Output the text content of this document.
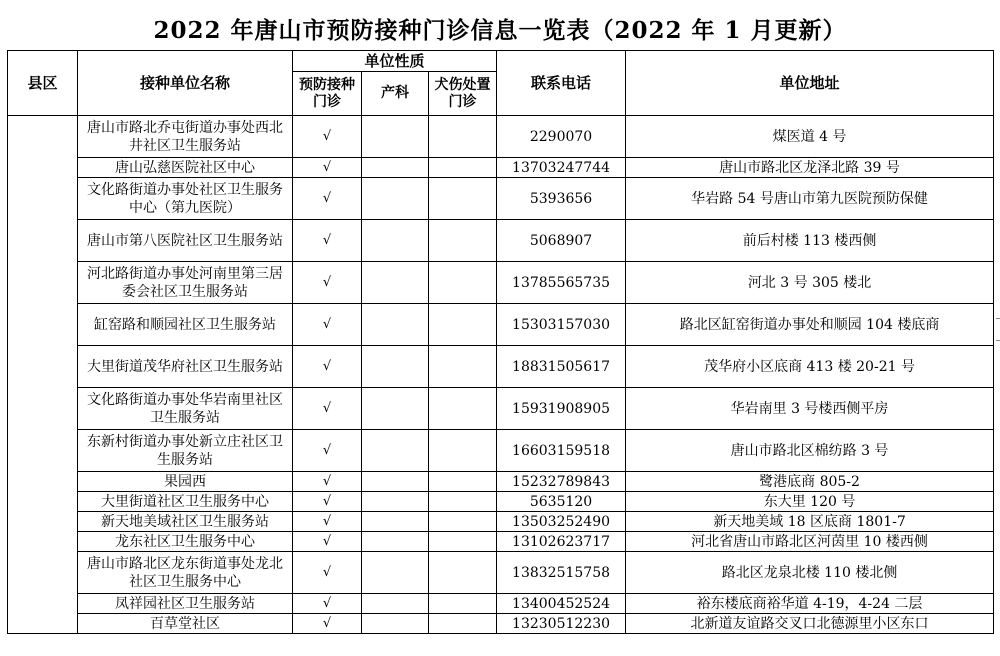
2022 年唐山市预防接种门诊信息一览表（2022 年 1 月更新）
县区	接种单位名称	单位性质			联系电话	单位地址
		预防接种门诊	产科	犬伤处置门诊		
	唐山市路北乔屯街道办事处西北井社区卫生服务站	√			2290070	煤医道 4 号
	唐山弘慈医院社区中心	√			13703247744	唐山市路北区龙泽北路 39 号
	文化路街道办事处社区卫生服务中心（第九医院）	√			5393656	华岩路 54 号唐山市第九医院预防保健
	唐山市第八医院社区卫生服务站	√			5068907	前后村楼 113 楼西侧
	河北路街道办事处河南里第三居委会社区卫生服务站	√			13785565735	河北 3 号 305 楼北
	缸窑路和顺园社区卫生服务站	√			15303157030	路北区缸窑街道办事处和顺园 104 楼底商
	大里街道茂华府社区卫生服务站	√			18831505617	茂华府小区底商 413 楼 20-21 号
	文化路街道办事处华岩南里社区卫生服务站	√			15931908905	华岩南里 3 号楼西侧平房
	东新村街道办事处新立庄社区卫生服务站	√			16603159518	唐山市路北区棉纺路 3 号
	果园西	√			15232789843	鹭港底商 805-2
	大里街道社区卫生服务中心	√			5635120	东大里 120 号
	新天地美域社区卫生服务站	√			13503252490	新天地美域 18 区底商 1801-7
	龙东社区卫生服务中心	√			13102623717	河北省唐山市路北区河茵里 10 楼西侧
	唐山市路北区龙东街道事处龙北社区卫生服务中心	√			13832515758	路北区龙泉北楼 110 楼北侧
	凤祥园社区卫生服务站	√			13400452524	裕东楼底商裕华道 4-19，4-24 二层
	百草堂社区	√			13230512230	北新道友谊路交叉口北德源里小区东口
